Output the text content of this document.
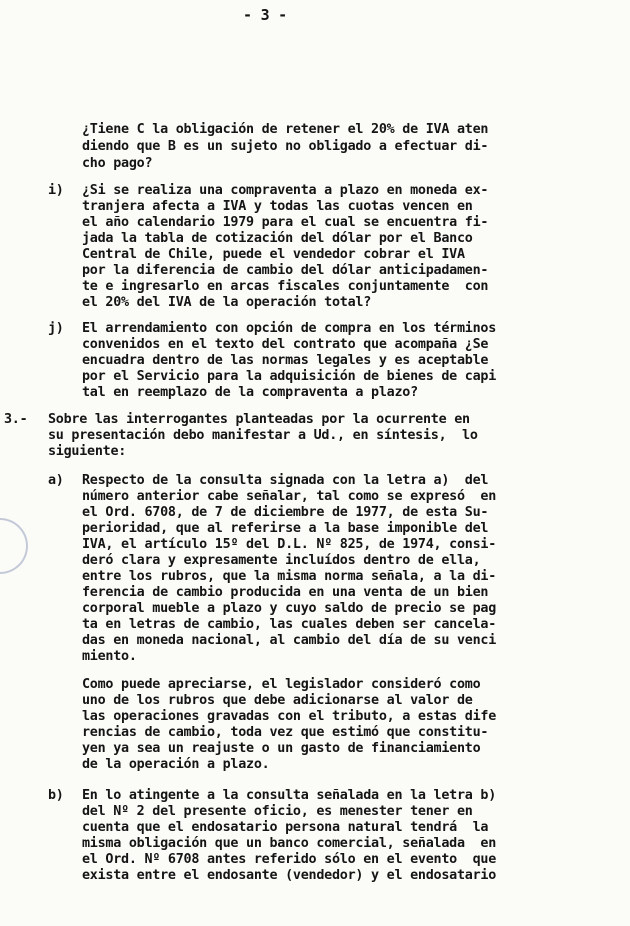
- 3 -
¿Tiene C la obligación de retener el 20% de IVA aten
diendo que B es un sujeto no obligado a efectuar di-
cho pago?
i) ¿Si se realiza una compraventa a plazo en moneda ex-
tranjera afecta a IVA y todas las cuotas vencen en
el año calendario 1979 para el cual se encuentra fi-
jada la tabla de cotización del dólar por el Banco
Central de Chile, puede el vendedor cobrar el IVA
por la diferencia de cambio del dólar anticipadamen-
te e ingresarlo en arcas fiscales conjuntamente  con
el 20% del IVA de la operación total?
j) El arrendamiento con opción de compra en los términos
convenidos en el texto del contrato que acompaña ¿Se
encuadra dentro de las normas legales y es aceptable
por el Servicio para la adquisición de bienes de capi
tal en reemplazo de la compraventa a plazo?
3.- Sobre las interrogantes planteadas por la ocurrente en
su presentación debo manifestar a Ud., en síntesis,  lo
siguiente:
a) Respecto de la consulta signada con la letra a)  del
número anterior cabe señalar, tal como se expresó  en
el Ord. 6708, de 7 de diciembre de 1977, de esta Su-
perioridad, que al referirse a la base imponible del
IVA, el artículo 15º del D.L. Nº 825, de 1974, consi-
deró clara y expresamente incluídos dentro de ella,
entre los rubros, que la misma norma señala, a la di-
ferencia de cambio producida en una venta de un bien
corporal mueble a plazo y cuyo saldo de precio se pag
ta en letras de cambio, las cuales deben ser cancela-
das en moneda nacional, al cambio del día de su venci
miento.
Como puede apreciarse, el legislador consideró como
uno de los rubros que debe adicionarse al valor de
las operaciones gravadas con el tributo, a estas dife
rencias de cambio, toda vez que estimó que constitu-
yen ya sea un reajuste o un gasto de financiamiento
de la operación a plazo.
b) En lo atingente a la consulta señalada en la letra b)
del Nº 2 del presente oficio, es menester tener en
cuenta que el endosatario persona natural tendrá  la
misma obligación que un banco comercial, señalada  en
el Ord. Nº 6708 antes referido sólo en el evento  que
exista entre el endosante (vendedor) y el endosatario
